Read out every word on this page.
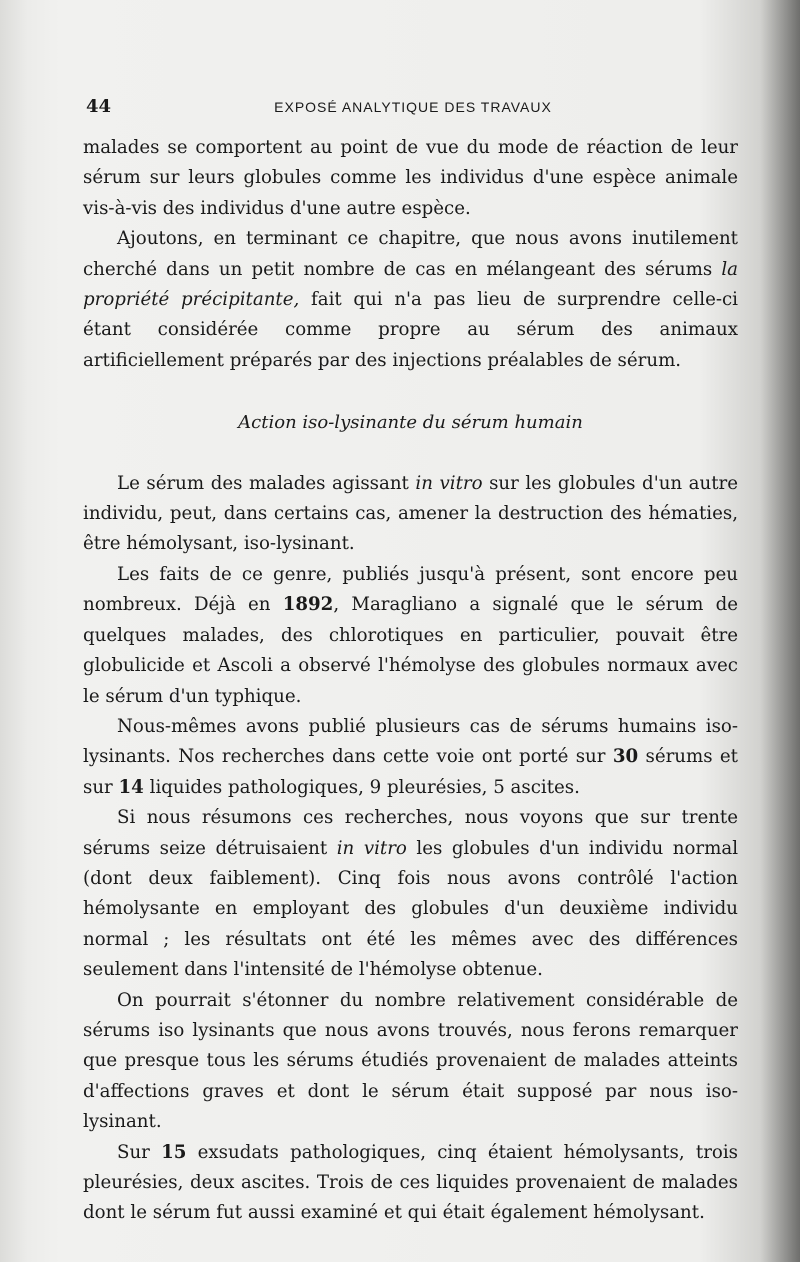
44	EXPOSÉ ANALYTIQUE DES TRAVAUX

malades se comportent au point de vue du mode de réaction de leur sérum sur leurs globules comme les individus d'une espèce animale vis-à-vis des individus d'une autre espèce.

Ajoutons, en terminant ce chapitre, que nous avons inutilement cherché dans un petit nombre de cas en mélangeant des sérums la propriété précipitante, fait qui n'a pas lieu de surprendre celle-ci étant considérée comme propre au sérum des animaux artificiellement préparés par des injections préalables de sérum.

Action iso-lysinante du sérum humain

Le sérum des malades agissant in vitro sur les globules d'un autre individu, peut, dans certains cas, amener la destruction des hématies, être hémolysant, iso-lysinant.

Les faits de ce genre, publiés jusqu'à présent, sont encore peu nombreux. Déjà en 1892, Maragliano a signalé que le sérum de quelques malades, des chlorotiques en particulier, pouvait être globulicide et Ascoli a observé l'hémolyse des globules normaux avec le sérum d'un typhique.

Nous-mêmes avons publié plusieurs cas de sérums humains iso-lysinants. Nos recherches dans cette voie ont porté sur 30 sérums et sur 14 liquides pathologiques, 9 pleurésies, 5 ascites.

Si nous résumons ces recherches, nous voyons que sur trente sérums seize détruisaient in vitro les globules d'un individu normal (dont deux faiblement). Cinq fois nous avons contrôlé l'action hémolysante en employant des globules d'un deuxième individu normal ; les résultats ont été les mêmes avec des différences seulement dans l'intensité de l'hémolyse obtenue.

On pourrait s'étonner du nombre relativement considérable de sérums iso lysinants que nous avons trouvés, nous ferons remarquer que presque tous les sérums étudiés provenaient de malades atteints d'affections graves et dont le sérum était supposé par nous iso-lysinant.

Sur 15 exsudats pathologiques, cinq étaient hémolysants, trois pleurésies, deux ascites. Trois de ces liquides provenaient de malades dont le sérum fut aussi examiné et qui était également hémolysant.
